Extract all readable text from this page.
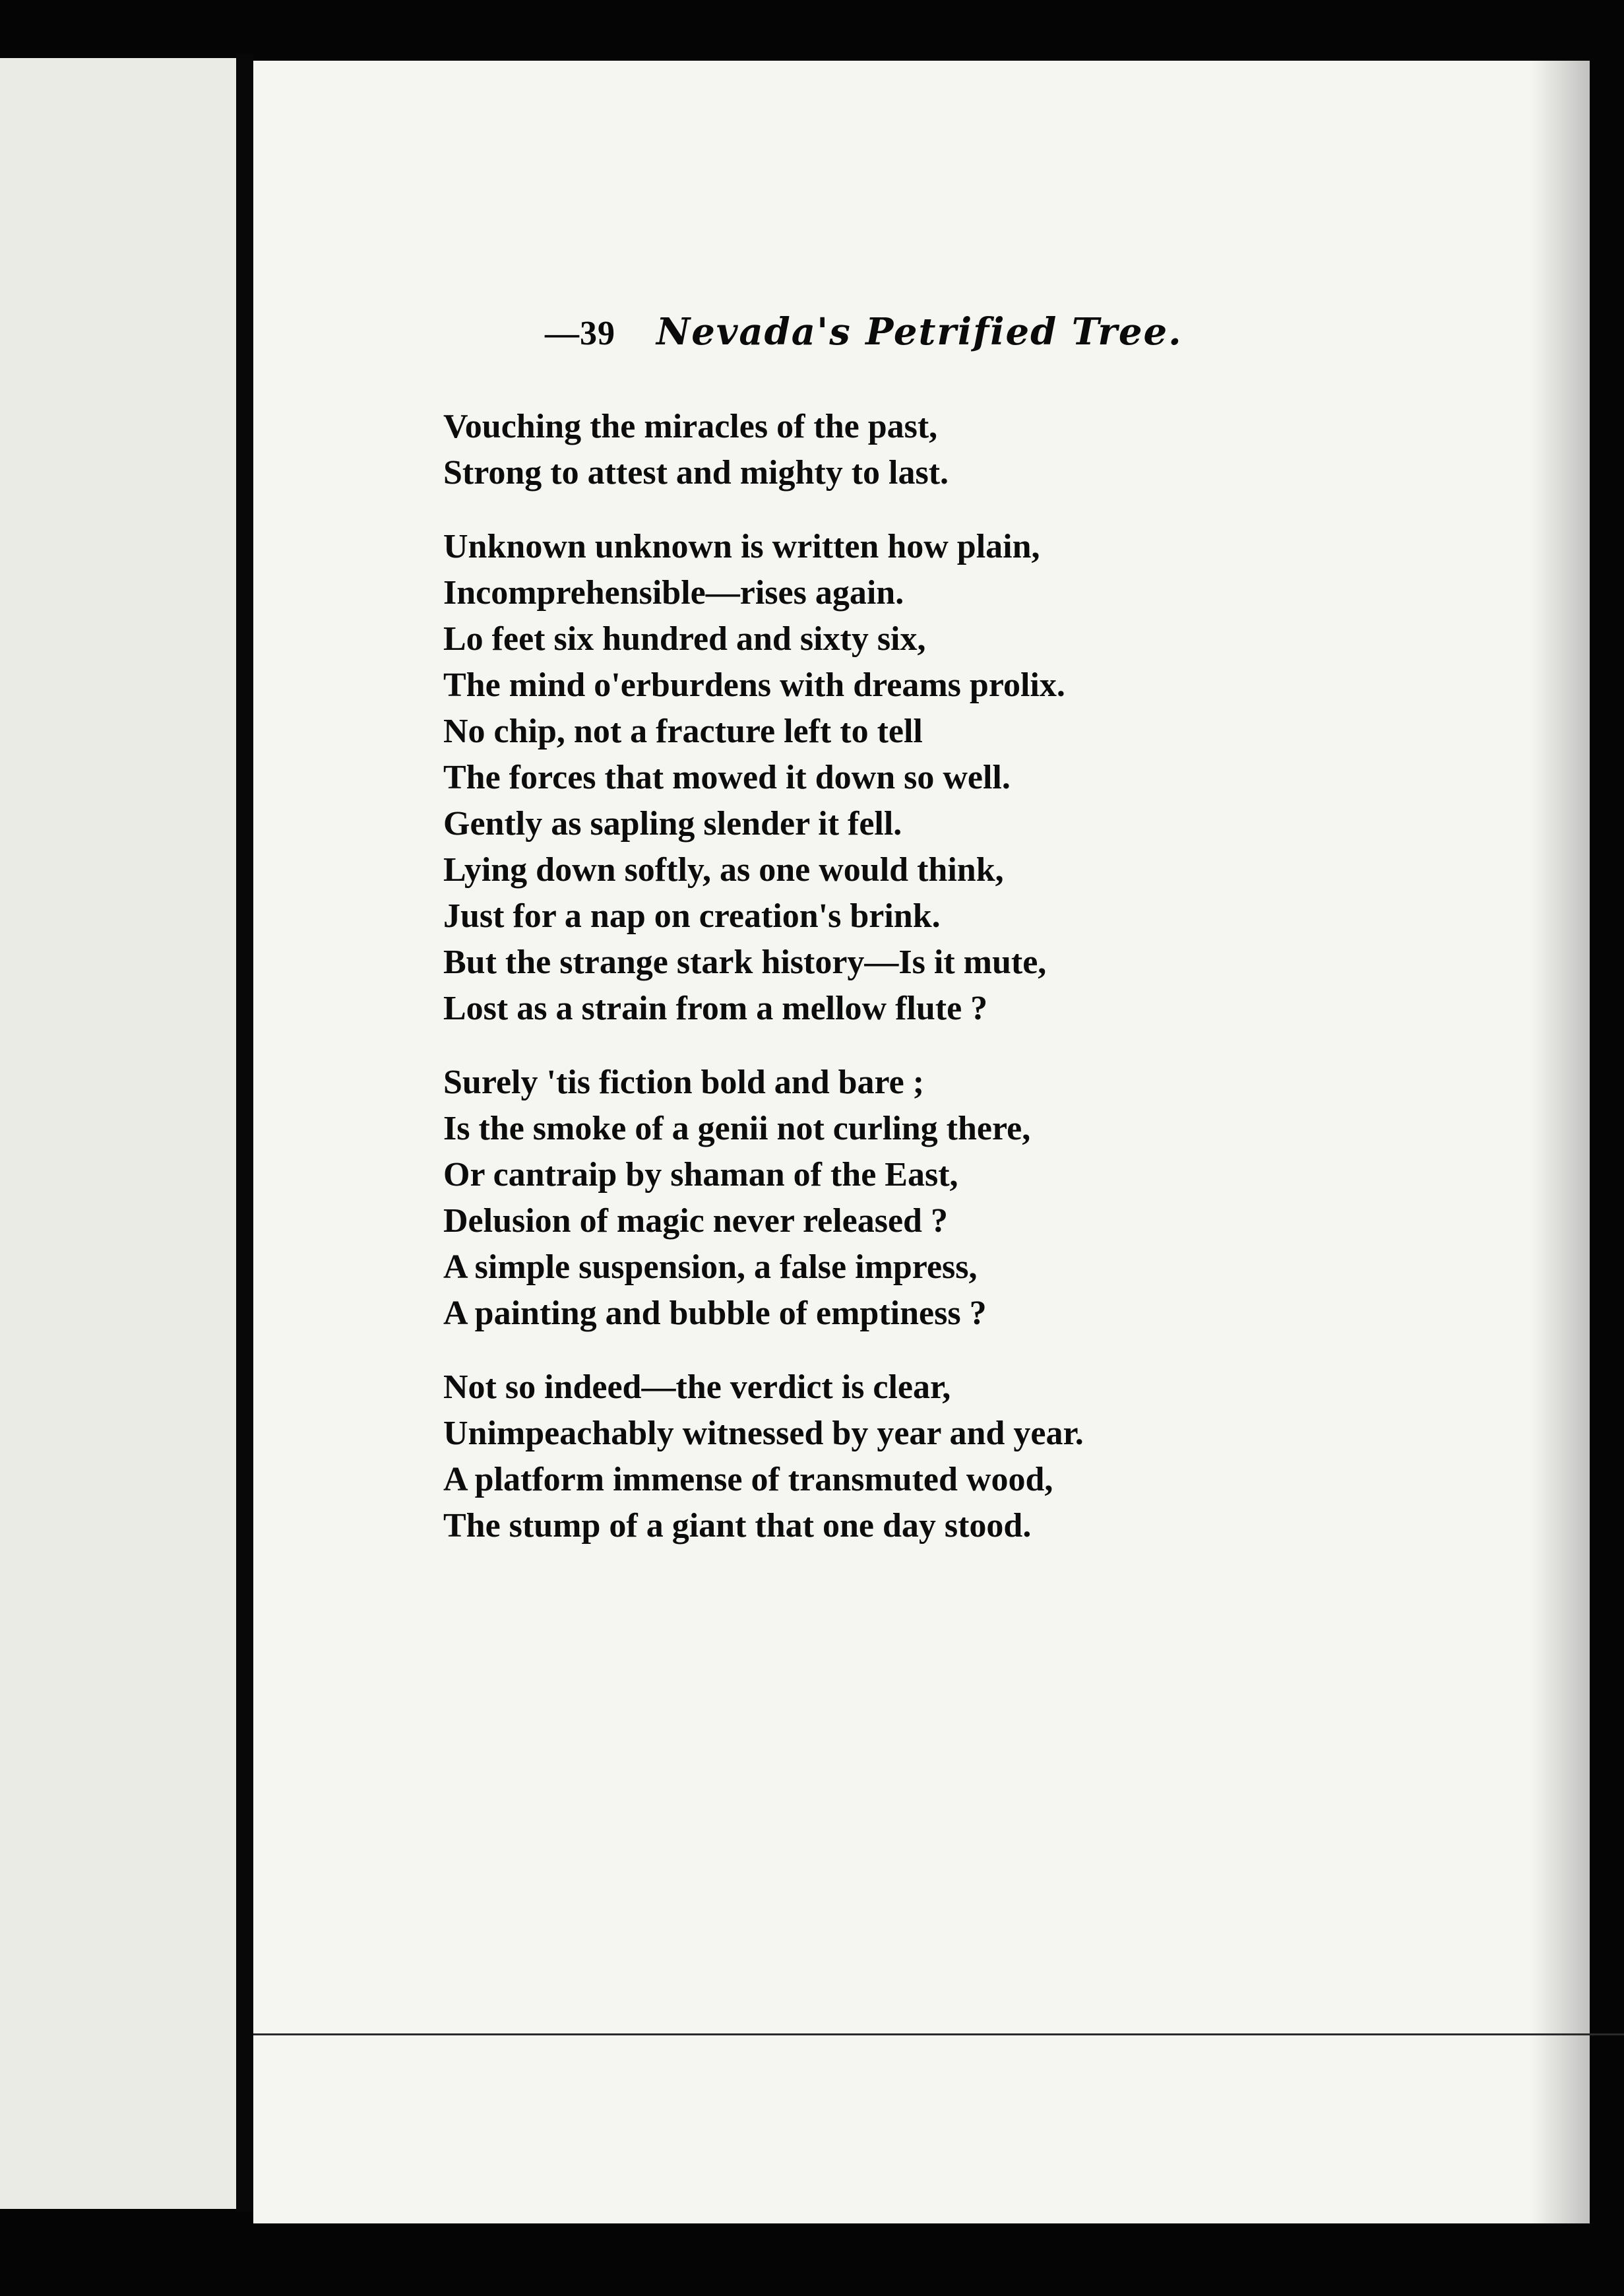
—39 Nevada's Petrified Tree.
Vouching the miracles of the past,
Strong to attest and mighty to last.
Unknown unknown is written how plain,
Incomprehensible—rises again.
Lo feet six hundred and sixty six,
The mind o'erburdens with dreams prolix.
No chip, not a fracture left to tell
The forces that mowed it down so well.
Gently as sapling slender it fell.
Lying down softly, as one would think,
Just for a nap on creation's brink.
But the strange stark history—Is it mute,
Lost as a strain from a mellow flute ?
Surely 'tis fiction bold and bare ;
Is the smoke of a genii not curling there,
Or cantraip by shaman of the East,
Delusion of magic never released ?
A simple suspension, a false impress,
A painting and bubble of emptiness ?
Not so indeed—the verdict is clear,
Unimpeachably witnessed by year and year.
A platform immense of transmuted wood,
The stump of a giant that one day stood.
